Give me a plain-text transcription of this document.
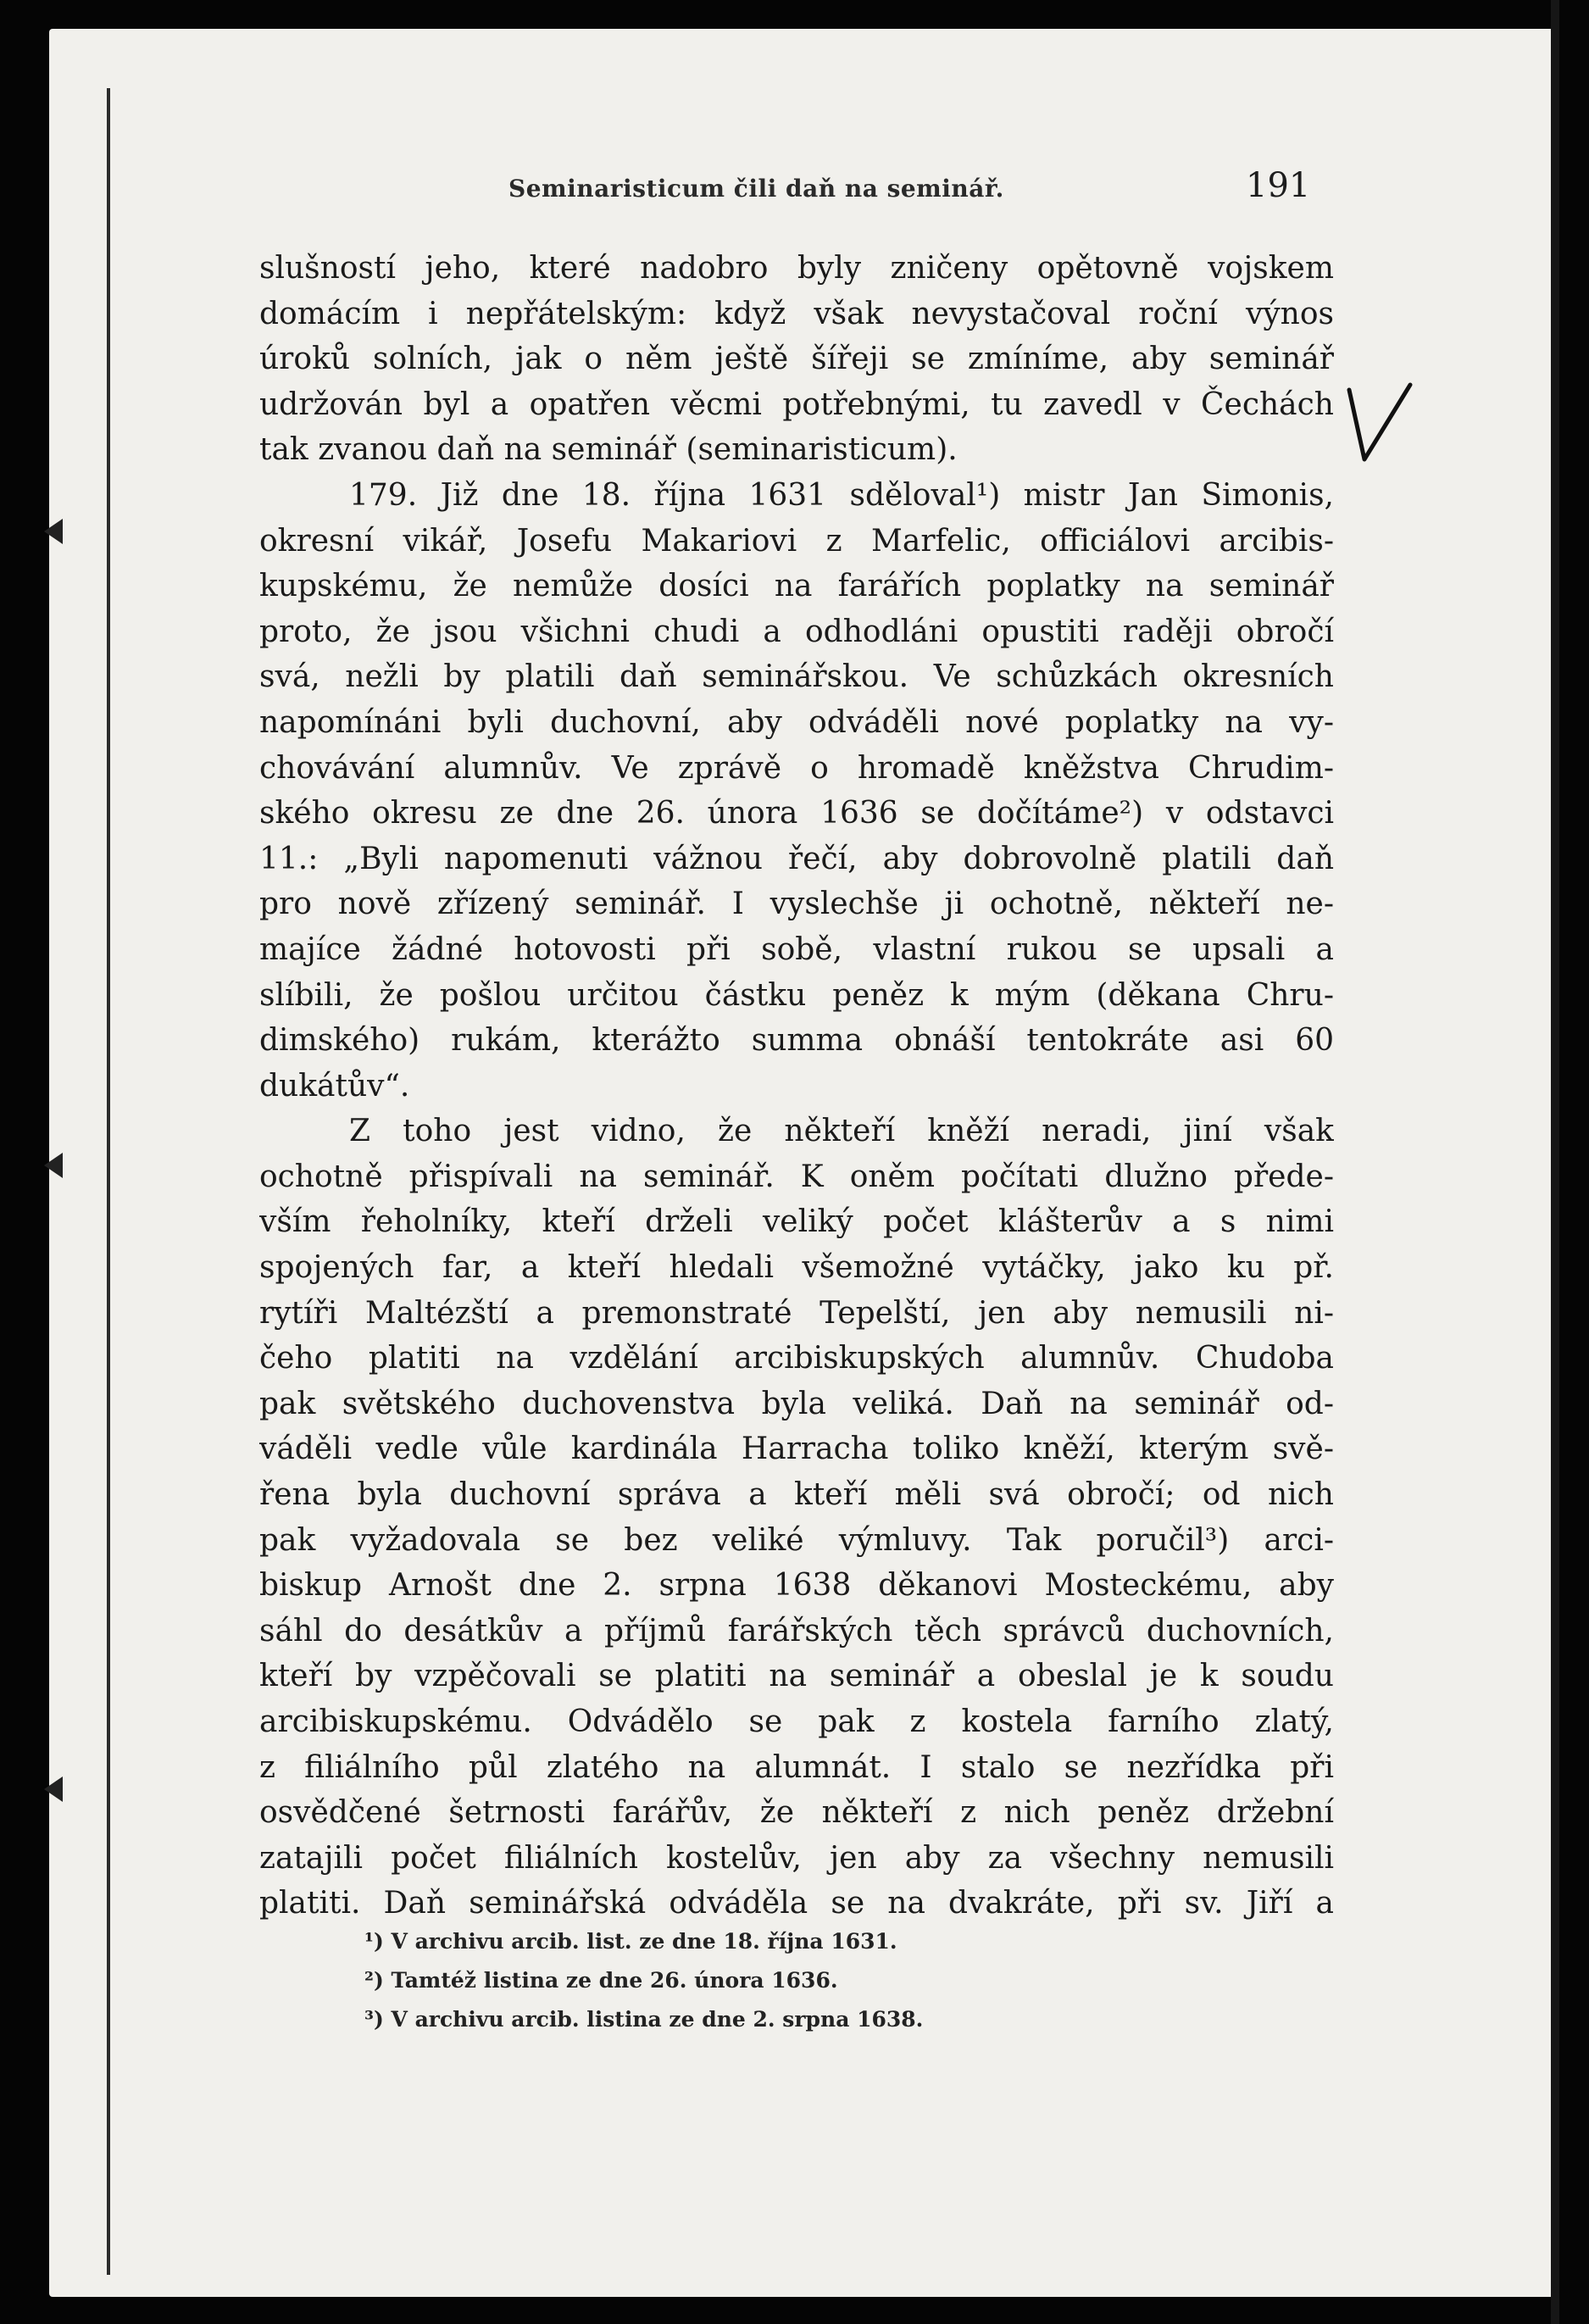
Seminaristicum čili daň na seminář.	191
slušností jeho, které nadobro byly zničeny opětovně vojskem
domácím i nepřátelským: když však nevystačoval roční výnos
úroků solních, jak o něm ještě šířeji se zmíníme, aby seminář
udržován byl a opatřen věcmi potřebnými, tu zavedl v Čechách
tak zvanou daň na seminář (seminaristicum).
179. Již dne 18. října 1631 sděloval¹) mistr Jan Simonis,
okresní vikář, Josefu Makariovi z Marfelic, officiálovi arcibis-
kupskému, že nemůže dosíci na farářích poplatky na seminář
proto, že jsou všichni chudi a odhodláni opustiti raději obročí
svá, nežli by platili daň seminářskou. Ve schůzkách okresních
napomínáni byli duchovní, aby odváděli nové poplatky na vy-
chovávání alumnův. Ve zprávě o hromadě kněžstva Chrudim-
ského okresu ze dne 26. února 1636 se dočítáme²) v odstavci
11.: „Byli napomenuti vážnou řečí, aby dobrovolně platili daň
pro nově zřízený seminář. I vyslechše ji ochotně, někteří ne-
majíce žádné hotovosti při sobě, vlastní rukou se upsali a
slíbili, že pošlou určitou částku peněz k mým (děkana Chru-
dimského) rukám, kterážto summa obnáší tentokráte asi 60
dukátův“.
Z toho jest vidno, že někteří kněží neradi, jiní však
ochotně přispívali na seminář. K oněm počítati dlužno přede-
vším řeholníky, kteří drželi veliký počet klášterův a s nimi
spojených far, a kteří hledali všemožné vytáčky, jako ku př.
rytíři Maltézští a premonstraté Tepelští, jen aby nemusili ni-
čeho platiti na vzdělání arcibiskupských alumnův. Chudoba
pak světského duchovenstva byla veliká. Daň na seminář od-
váděli vedle vůle kardinála Harracha toliko kněží, kterým svě-
řena byla duchovní správa a kteří měli svá obročí; od nich
pak vyžadovala se bez veliké výmluvy. Tak poručil³) arci-
biskup Arnošt dne 2. srpna 1638 děkanovi Mosteckému, aby
sáhl do desátkův a příjmů farářských těch správců duchovních,
kteří by vzpěčovali se platiti na seminář a obeslal je k soudu
arcibiskupskému. Odvádělo se pak z kostela farního zlatý,
z filiálního půl zlatého na alumnát. I stalo se nezřídka při
osvědčené šetrnosti farářův, že někteří z nich peněz držební
zatajili počet filiálních kostelův, jen aby za všechny nemusili
platiti. Daň seminářská odváděla se na dvakráte, při sv. Jiří a
¹) V archivu arcib. list. ze dne 18. října 1631.
²) Tamtéž listina ze dne 26. února 1636.
³) V archivu arcib. listina ze dne 2. srpna 1638.
